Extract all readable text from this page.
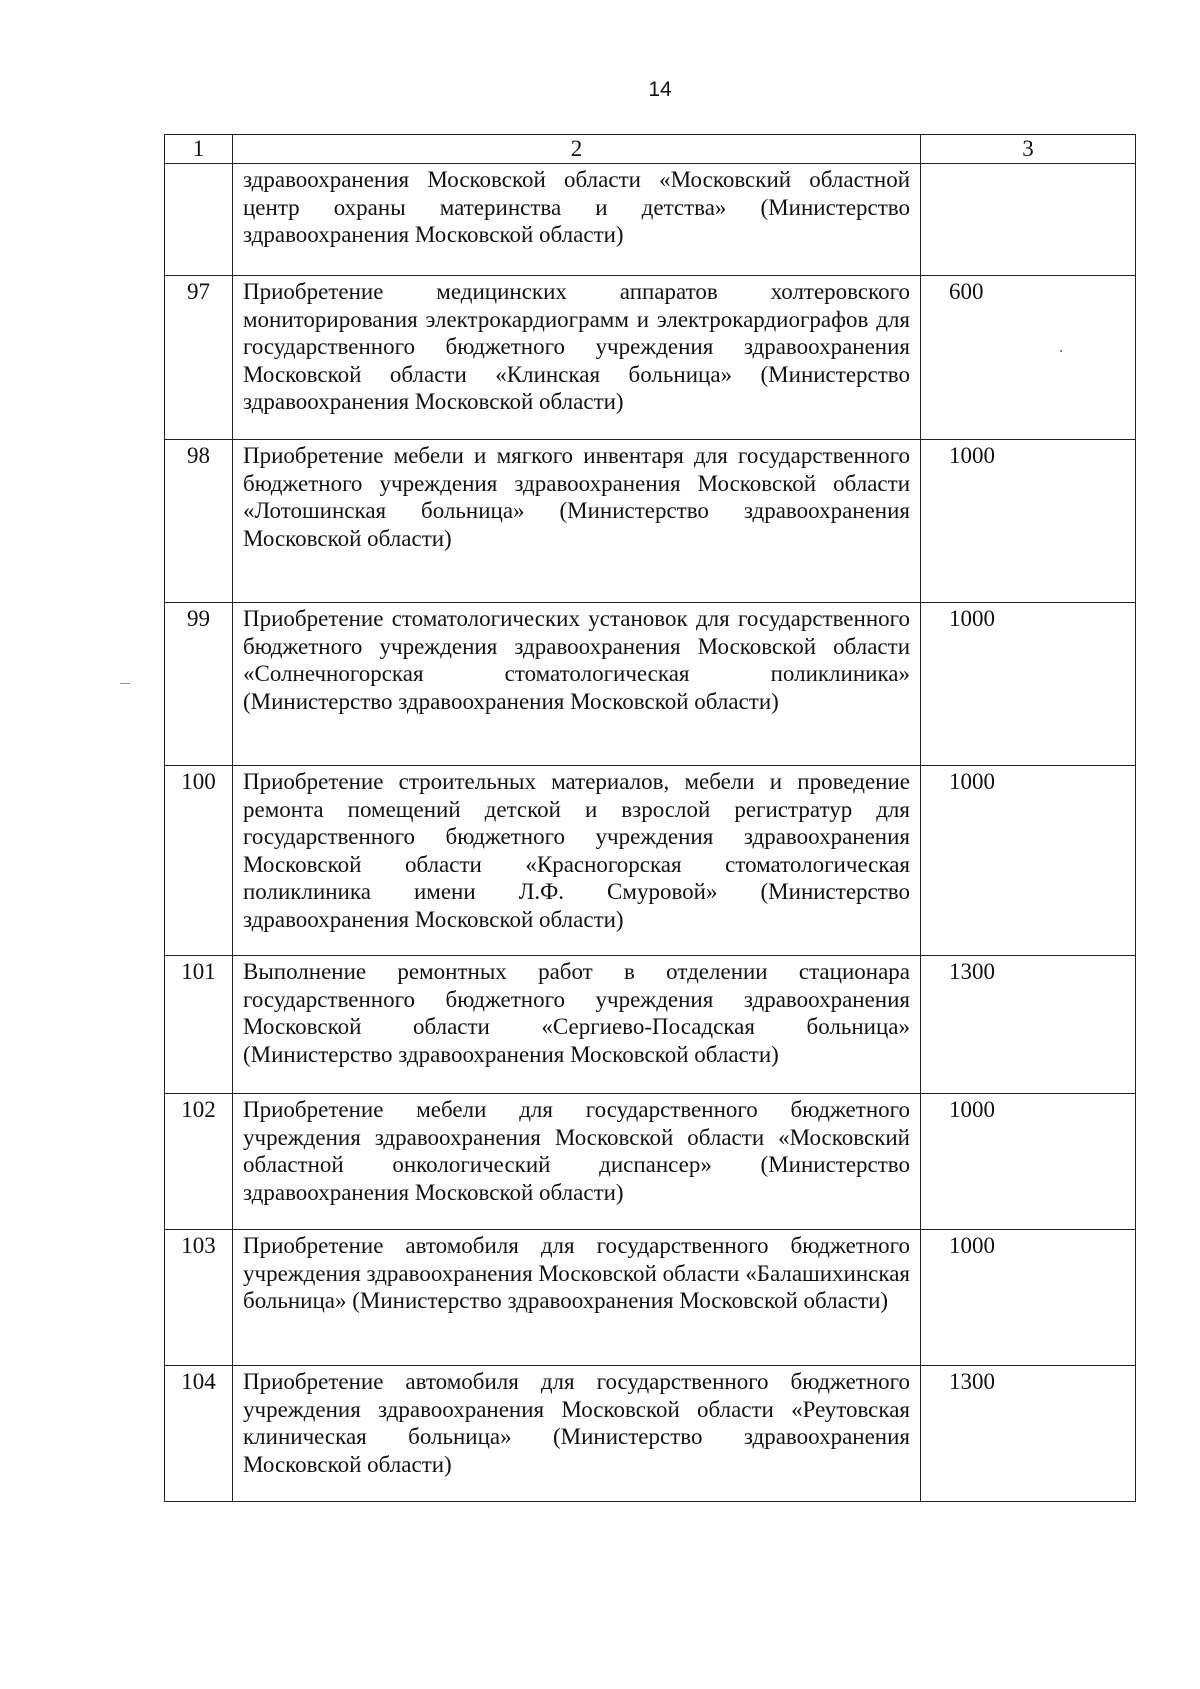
14
1	2	3
	здравоохранения Московской области «Московский областной центр охраны материнства и детства» (Министерство здравоохранения Московской области)	
97	Приобретение медицинских аппаратов холтеровского мониторирования электрокардиограмм и электрокардиографов для государственного бюджетного учреждения здравоохранения Московской области «Клинская больница» (Министерство здравоохранения Московской области)	600
98	Приобретение мебели и мягкого инвентаря для государственного бюджетного учреждения здравоохранения Московской области «Лотошинская больница» (Министерство здравоохранения Московской области)	1000
99	Приобретение стоматологических установок для государственного бюджетного учреждения здравоохранения Московской области «Солнечногорская стоматологическая поликлиника» (Министерство здравоохранения Московской области)	1000
100	Приобретение строительных материалов, мебели и проведение ремонта помещений детской и взрослой регистратур для государственного бюджетного учреждения здравоохранения Московской области «Красногорская стоматологическая поликлиника имени Л.Ф. Смуровой» (Министерство здравоохранения Московской области)	1000
101	Выполнение ремонтных работ в отделении стационара государственного бюджетного учреждения здравоохранения Московской области «Сергиево-Посадская больница» (Министерство здравоохранения Московской области)	1300
102	Приобретение мебели для государственного бюджетного учреждения здравоохранения Московской области «Московский областной онкологический диспансер» (Министерство здравоохранения Московской области)	1000
103	Приобретение автомобиля для государственного бюджетного учреждения здравоохранения Московской области «Балашихинская больница» (Министерство здравоохранения Московской области)	1000
104	Приобретение автомобиля для государственного бюджетного учреждения здравоохранения Московской области «Реутовская клиническая больница» (Министерство здравоохранения Московской области)	1300
